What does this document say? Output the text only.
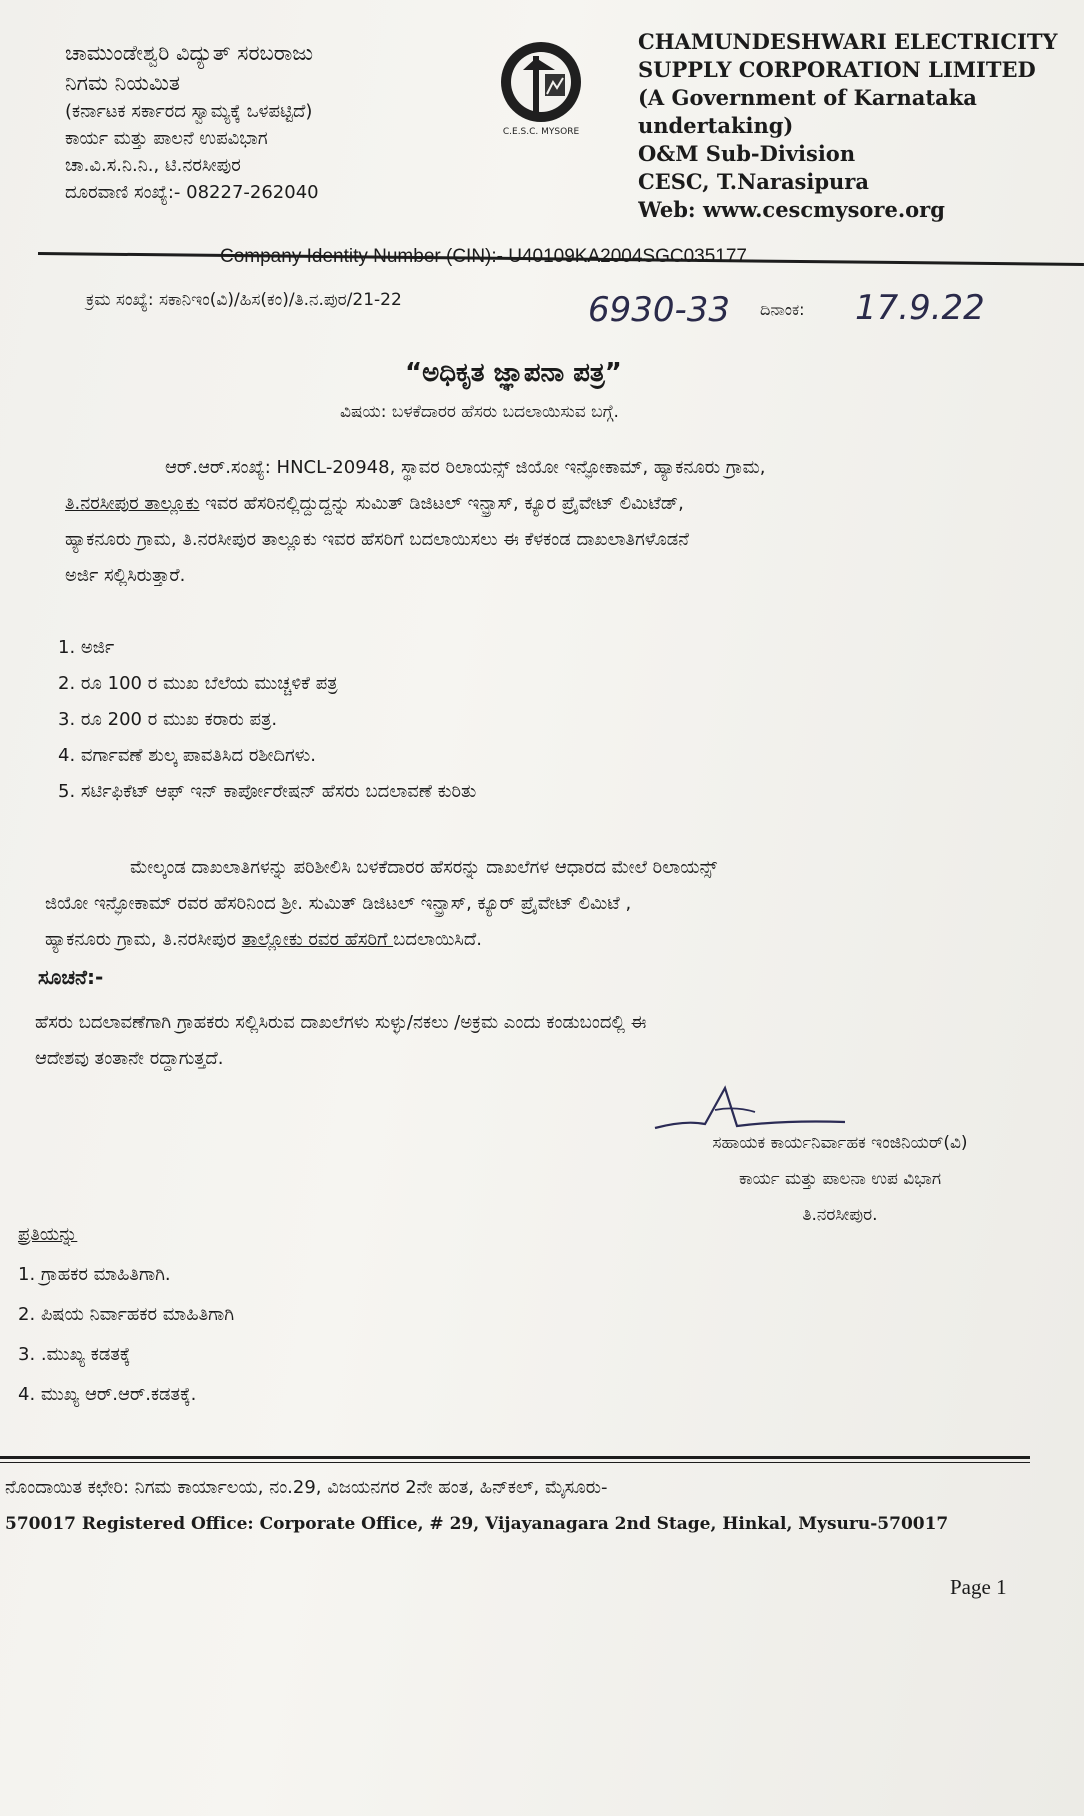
ಚಾಮುಂಡೇಶ್ವರಿ ವಿದ್ಯುತ್ ಸರಬರಾಜು
ನಿಗಮ ನಿಯಮಿತ
(ಕರ್ನಾಟಕ ಸರ್ಕಾರದ ಸ್ವಾಮ್ಯಕ್ಕೆ ಒಳಪಟ್ಟಿದೆ)
ಕಾರ್ಯ ಮತ್ತು ಪಾಲನೆ ಉಪವಿಭಾಗ
ಚಾ.ವಿ.ಸ.ನಿ.ನಿ., ಟಿ.ನರಸೀಪುರ
ದೂರವಾಣಿ ಸಂಖ್ಯೆ:- 08227-262040
C.E.S.C. MYSORE
CHAMUNDESHWARI ELECTRICITY
SUPPLY CORPORATION LIMITED
(A Government of Karnataka
undertaking)
O&M Sub-Division
CESC, T.Narasipura
Web: www.cescmysore.org
Company Identity Number (CIN):- U40109KA2004SGC035177
ಕ್ರಮ ಸಂಖ್ಯೆ: ಸಕಾನಿಇಂ(ವಿ)/ಹಿಸ(ಕಂ)/ತಿ.ನ.ಪುರ/21-22	6930-33 ದಿನಾಂಕ: 17.9.22
“ಅಧಿಕೃತ ಜ್ಞಾಪನಾ ಪತ್ರ”
ವಿಷಯ: ಬಳಕೆದಾರರ ಹೆಸರು ಬದಲಾಯಿಸುವ ಬಗ್ಗೆ.
ಆರ್.ಆರ್.ಸಂಖ್ಯೆ: HNCL-20948, ಸ್ಥಾವರ ರಿಲಾಯನ್ಸ್ ಜಿಯೋ ಇನ್ಫೋಕಾಮ್, ಹ್ಯಾಕನೂರು ಗ್ರಾಮ,
ತಿ.ನರಸೀಪುರ ತಾಲ್ಲೂಕು ಇವರ ಹೆಸರಿನಲ್ಲಿದ್ದುದ್ದನ್ನು ಸುಮಿತ್ ಡಿಜಿಟಲ್ ಇನ್ಫ್ರಾಸ್, ಕ್ಯೂರ ಪ್ರೈವೇಟ್ ಲಿಮಿಟೆಡ್,
ಹ್ಯಾಕನೂರು ಗ್ರಾಮ, ತಿ.ನರಸೀಪುರ ತಾಲ್ಲೂಕು ಇವರ ಹೆಸರಿಗೆ ಬದಲಾಯಿಸಲು ಈ ಕೆಳಕಂಡ ದಾಖಲಾತಿಗಳೊಡನೆ
ಅರ್ಜಿ ಸಲ್ಲಿಸಿರುತ್ತಾರೆ.
1. ಅರ್ಜಿ
2. ರೂ 100 ರ ಮುಖ ಬೆಲೆಯ ಮುಚ್ಚಳಿಕೆ ಪತ್ರ
3. ರೂ 200 ರ ಮುಖ ಕರಾರು ಪತ್ರ.
4. ವರ್ಗಾವಣೆ ಶುಲ್ಕ ಪಾವತಿಸಿದ ರಶೀದಿಗಳು.
5. ಸರ್ಟಿಫಿಕೆಟ್ ಆಫ್ ಇನ್ ಕಾರ್ಪೋರೇಷನ್ ಹೆಸರು ಬದಲಾವಣೆ ಕುರಿತು
ಮೇಲ್ಕಂಡ ದಾಖಲಾತಿಗಳನ್ನು ಪರಿಶೀಲಿಸಿ ಬಳಕೆದಾರರ ಹೆಸರನ್ನು ದಾಖಲೆಗಳ ಆಧಾರದ ಮೇಲೆ ರಿಲಾಯನ್ಸ್
ಜಿಯೋ ಇನ್ಫೋಕಾಮ್ ರವರ ಹೆಸರಿನಿಂದ ಶ್ರೀ. ಸುಮಿತ್ ಡಿಜಿಟಲ್ ಇನ್ಫ್ರಾಸ್, ಕ್ಯೂರ್ ಪ್ರೈವೇಟ್ ಲಿಮಿಟೆ ,
ಹ್ಯಾಕನೂರು ಗ್ರಾಮ, ತಿ.ನರಸೀಪುರ ತಾಲ್ಲೋಕು ರವರ ಹೆಸರಿಗೆ ಬದಲಾಯಿಸಿದೆ.
ಸೂಚನೆ:-
ಹೆಸರು ಬದಲಾವಣೆಗಾಗಿ ಗ್ರಾಹಕರು ಸಲ್ಲಿಸಿರುವ ದಾಖಲೆಗಳು ಸುಳ್ಳು/ನಕಲು /ಅಕ್ರಮ ಎಂದು ಕಂಡುಬಂದಲ್ಲಿ ಈ
ಆದೇಶವು ತಂತಾನೇ ರದ್ದಾಗುತ್ತದೆ.
ಸಹಾಯಕ ಕಾರ್ಯನಿರ್ವಾಹಕ ಇಂಜಿನಿಯರ್(ವಿ)
ಕಾರ್ಯ ಮತ್ತು ಪಾಲನಾ ಉಪ ವಿಭಾಗ
ತಿ.ನರಸೀಪುರ.
ಪ್ರತಿಯನ್ನು
1. ಗ್ರಾಹಕರ ಮಾಹಿತಿಗಾಗಿ.
2. ಪಿಷಯ ನಿರ್ವಾಹಕರ ಮಾಹಿತಿಗಾಗಿ
3. .ಮುಖ್ಯ ಕಡತಕ್ಕೆ
4. ಮುಖ್ಯ ಆರ್.ಆರ್.ಕಡತಕ್ಕೆ.
ನೊಂದಾಯಿತ ಕಛೇರಿ: ನಿಗಮ ಕಾರ್ಯಾಲಯ, ನಂ.29, ವಿಜಯನಗರ 2ನೇ ಹಂತ, ಹಿನ್‌ಕಲ್, ಮೈಸೂರು-
570017 Registered Office: Corporate Office, # 29, Vijayanagara 2nd Stage, Hinkal, Mysuru-570017
Page 1
